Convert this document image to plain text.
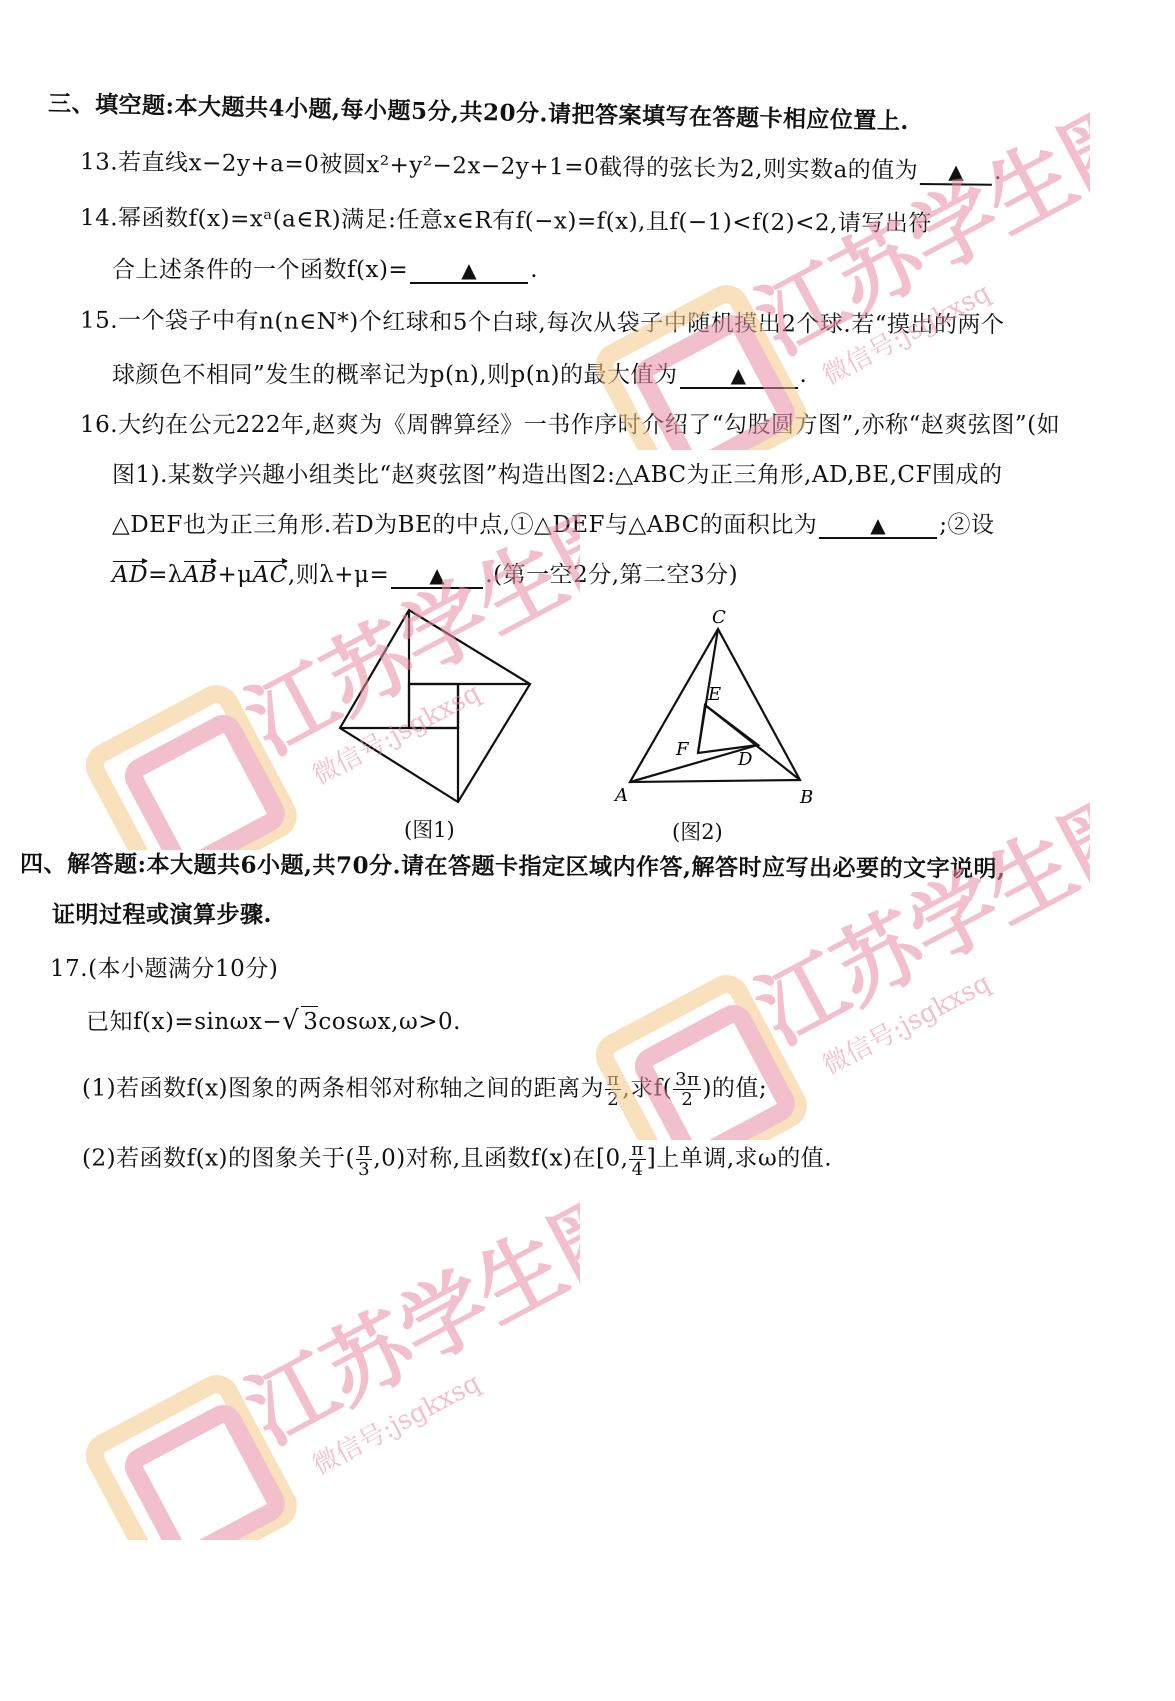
三、填空题:本大题共4小题,每小题5分,共20分.请把答案填写在答题卡相应位置上.
13.若直线x−2y+a=0被圆x²+y²−2x−2y+1=0截得的弦长为2,则实数a的值为 ▲ .
14.幂函数f(x)=xᵃ(a∈R)满足:任意x∈R有f(−x)=f(x),且f(−1)<f(2)<2,请写出符
合上述条件的一个函数f(x)=	▲ .
15.一个袋子中有n(n∈N*)个红球和5个白球,每次从袋子中随机摸出2个球.若“摸出的两个
球颜色不相同”发生的概率记为p(n),则p(n)的最大值为	▲ .
16.大约在公元222年,赵爽为《周髀算经》一书作序时介绍了“勾股圆方图”,亦称“赵爽弦图”(如
图1).某数学兴趣小组类比“赵爽弦图”构造出图2:△ABC为正三角形,AD,BE,CF围成的
△DEF也为正三角形.若D为BE的中点,①△DEF与△ABC的面积比为	▲ ;②设
AD=λAB+μAC,则λ+μ= ▲ .(第一空2分,第二空3分)
(图1)
C
A	B
E
F	D
(图2)
四、解答题:本大题共6小题,共70分.请在答题卡指定区域内作答,解答时应写出必要的文字说明,
证明过程或演算步骤.
17.(本小题满分10分)
已知f(x)=sinωx−√ 3cosωx,ω>0.
(1)若函数f(x)图象的两条相邻对称轴之间的距离为 $\frac{\pi}{2}$ ,求$f( \frac{3\pi}{2}$ )的值;
(2)若函数f(x)的图象关于( $\frac{\pi}{3} ,0$)对称,且函数f(x)在[0, $\frac{\pi}{4}$ ]上单调,求ω的值.
江苏学生圈
微信号:jsgkxsq
江苏学生圈
微信号:jsgkxsq
江苏学生圈
微信号:jsgkxsq
江苏学生圈
微信号:jsgkxsq
